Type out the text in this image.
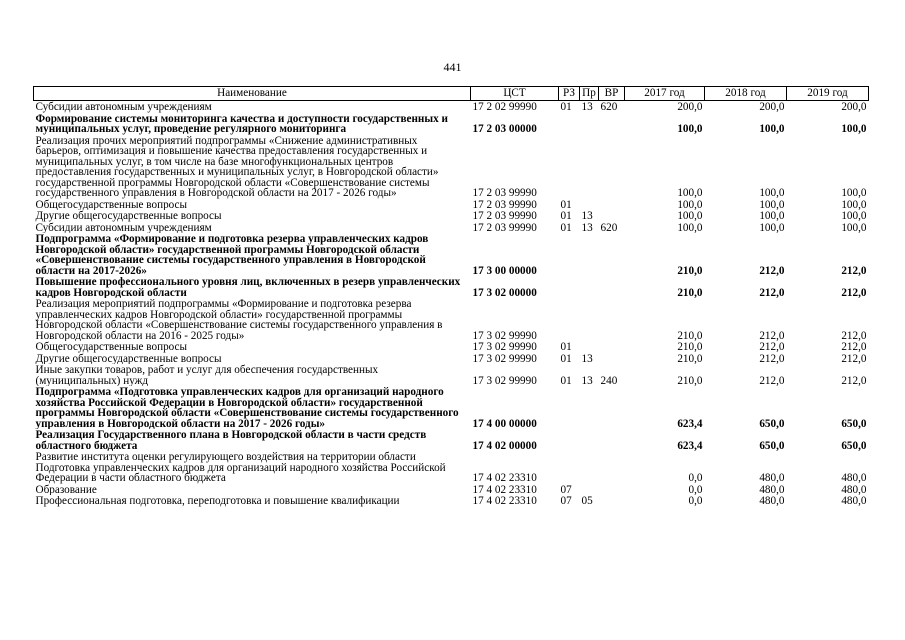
441
Наименование	ЦСТ	РЗ	Пр	ВР	2017 год	2018 год	2019 год
Субсидии автономным учреждениям	17 2 02 99990	01	13	620	200,0	200,0	200,0
Формирование системы мониторинга качества и доступности государственных и муниципальных услуг, проведение регулярного мониторинга	17 2 03 00000				100,0	100,0	100,0
Реализация прочих мероприятий подпрограммы «Снижение административных барьеров, оптимизация и повышение качества предоставления государственных и муниципальных услуг, в том числе на базе многофункциональных центров предоставления государственных и муниципальных услуг, в Новгородской области» государственной программы Новгородской области «Совершенствование системы государственного управления в Новгородской области на 2017 - 2026 годы»	17 2 03 99990				100,0	100,0	100,0
Общегосударственные вопросы	17 2 03 99990	01			100,0	100,0	100,0
Другие общегосударственные вопросы	17 2 03 99990	01	13		100,0	100,0	100,0
Субсидии автономным учреждениям	17 2 03 99990	01	13	620	100,0	100,0	100,0
Подпрограмма «Формирование и подготовка резерва управленческих кадров Новгородской области» государственной программы Новгородской области «Совершенствование системы государственного управления в Новгородской области на 2017-2026»	17 3 00 00000				210,0	212,0	212,0
Повышение профессионального уровня лиц, включенных в резерв управленческих кадров Новгородской области	17 3 02 00000				210,0	212,0	212,0
Реализация мероприятий подпрограммы «Формирование и подготовка резерва управленческих кадров Новгородской области» государственной программы Новгородской области «Совершенствование системы государственного управления в Новгородской области на 2016 - 2025 годы»	17 3 02 99990				210,0	212,0	212,0
Общегосударственные вопросы	17 3 02 99990	01			210,0	212,0	212,0
Другие общегосударственные вопросы	17 3 02 99990	01	13		210,0	212,0	212,0
Иные закупки товаров, работ и услуг для обеспечения государственных (муниципальных) нужд	17 3 02 99990	01	13	240	210,0	212,0	212,0
Подпрограмма «Подготовка управленческих кадров для организаций народного хозяйства Российской Федерации в Новгородской области» государственной программы Новгородской области «Совершенствование системы государственного управления в Новгородской области на 2017 - 2026 годы»	17 4 00 00000				623,4	650,0	650,0
Реализация Государственного плана в Новгородской области в части средств областного бюджета	17 4 02 00000				623,4	650,0	650,0
Развитие института оценки регулирующего воздействия на территории области Подготовка управленческих кадров для организаций народного хозяйства Российской Федерации в части областного бюджета	17 4 02 23310				0,0	480,0	480,0
Образование	17 4 02 23310	07			0,0	480,0	480,0
Профессиональная подготовка, переподготовка и повышение квалификации	17 4 02 23310	07	05		0,0	480,0	480,0
